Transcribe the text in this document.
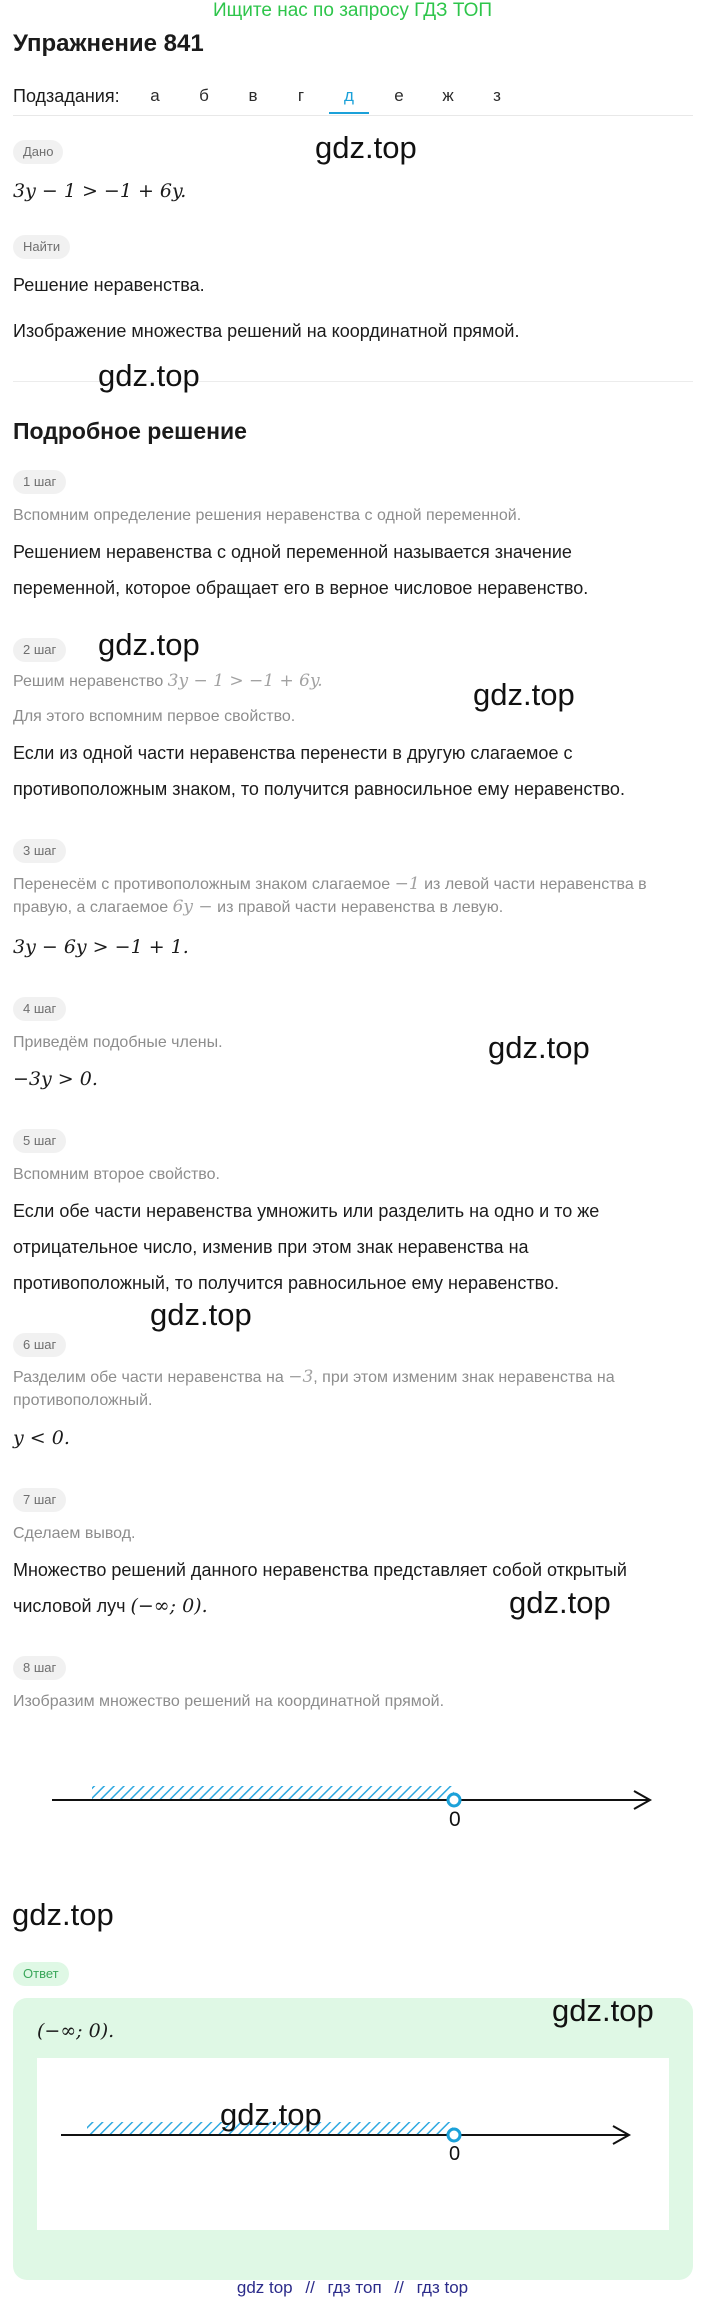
Ищите нас по запросу ГДЗ ТОП
Упражнение 841
Подзадания:	а	б	в	г	д	е	ж	з
Дано
3y − 1 > −1 + 6y.
Найти
Решение неравенства.
Изображение множества решений на координатной прямой.
Подробное решение
1 шаг
Вспомним определение решения неравенства с одной переменной.
Решением неравенства с одной переменной называется значение
переменной, которое обращает его в верное числовое неравенство.
2 шаг
Решим неравенство 3y − 1 > −1 + 6y.
Для этого вспомним первое свойство.
Если из одной части неравенства перенести в другую слагаемое с
противоположным знаком, то получится равносильное ему неравенство.
3 шаг
Перенесём с противоположным знаком слагаемое −1 из левой части неравенства в
правую, а слагаемое 6y − из правой части неравенства в левую.
3y − 6y > −1 + 1.
4 шаг
Приведём подобные члены.
−3y > 0.
5 шаг
Вспомним второе свойство.
Если обе части неравенства умножить или разделить на одно и то же
отрицательное число, изменив при этом знак неравенства на
противоположный, то получится равносильное ему неравенство.
6 шаг
Разделим обе части неравенства на −3, при этом изменим знак неравенства на
противоположный.
y < 0.
7 шаг
Сделаем вывод.
Множество решений данного неравенства представляет собой открытый
числовой луч (−∞; 0).
8 шаг
Изобразим множество решений на координатной прямой.
0
Ответ
(−∞; 0).
0
gdz.top
gdz.top
gdz.top
gdz.top
gdz.top
gdz.top
gdz.top
gdz.top
gdz.top
gdz.top
gdz top // гдз топ // гдз top
